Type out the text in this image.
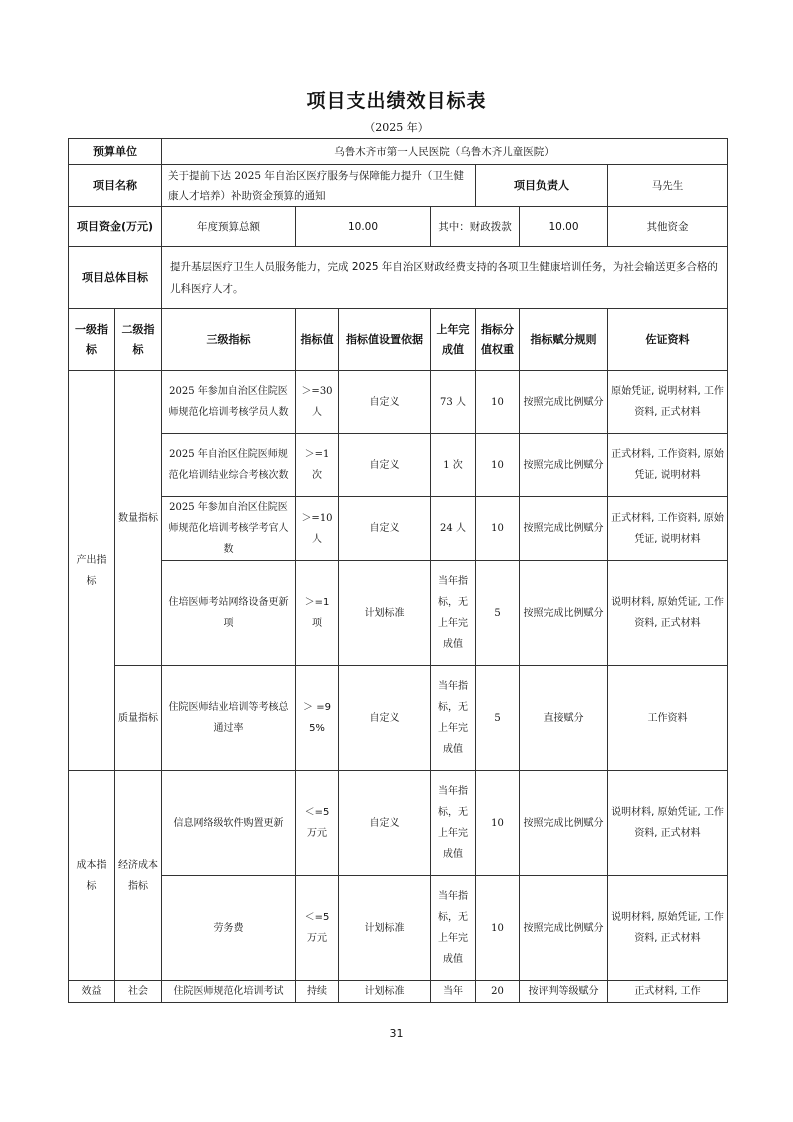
项目支出绩效目标表
（2025 年）
预算单位		乌鲁木齐市第一人民医院（乌鲁木齐儿童医院）						
项目名称		关于提前下达 2025 年自治区医疗服务与保障能力提升（卫生健康人才培养）补助资金预算的通知				项目负责人		马先生
项目资金(万元)		年度预算总额	10.00		其中：财政拨款		10.00	其他资金
项目总体目标		提升基层医疗卫生人员服务能力，完成 2025 年自治区财政经费支持的各项卫生健康培训任务，为社会输送更多合格的儿科医疗人才。						
一级指标	二级指标	三级指标	指标值	指标值设置依据	上年完成值	指标分值权重	指标赋分规则	佐证资料
产出指标	数量指标	2025 年参加自治区住院医师规范化培训考核学员人数	＞=30 人	自定义	73 人	10	按照完成比例赋分	原始凭证, 说明材料, 工作资料, 正式材料
		2025 年自治区住院医师规范化培训结业综合考核次数	＞=1 次	自定义	1 次	10	按照完成比例赋分	正式材料, 工作资料, 原始凭证, 说明材料
		2025 年参加自治区住院医师规范化培训考核学考官人数	＞=10 人	自定义	24 人	10	按照完成比例赋分	正式材料, 工作资料, 原始凭证, 说明材料
		住培医师考站网络设备更新项	＞=1 项	计划标准	当年指标，无上年完成值	5	按照完成比例赋分	说明材料, 原始凭证, 工作资料, 正式材料
	质量指标	住院医师结业培训等考核总通过率	＞ =95%	自定义	当年指标，无上年完成值	5	直接赋分	工作资料
成本指标	经济成本指标	信息网络级软件购置更新	＜=5 万元	自定义	当年指标，无上年完成值	10	按照完成比例赋分	说明材料, 原始凭证, 工作资料, 正式材料
		劳务费	＜=5 万元	计划标准	当年指标，无上年完成值	10	按照完成比例赋分	说明材料, 原始凭证, 工作资料, 正式材料
效益	社会	住院医师规范化培训考试	持续	计划标准	当年	20	按评判等级赋分	正式材料, 工作
31
